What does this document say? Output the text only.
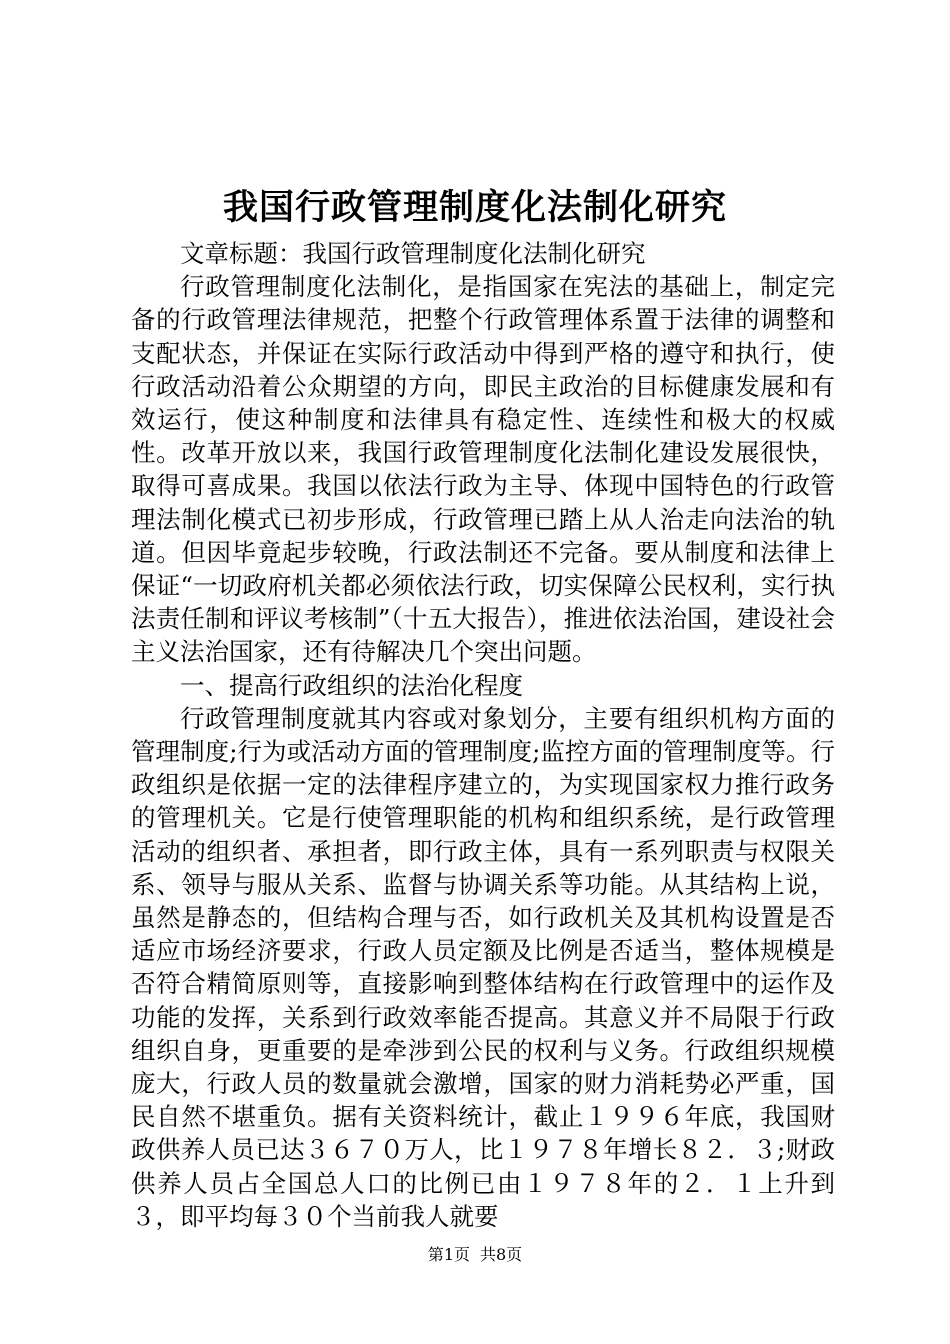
我国行政管理制度化法制化研究

文章标题：我国行政管理制度化法制化研究

行政管理制度化法制化，是指国家在宪法的基础上，制定完备的行政管理法律规范，把整个行政管理体系置于法律的调整和支配状态，并保证在实际行政活动中得到严格的遵守和执行，使行政活动沿着公众期望的方向，即民主政治的目标健康发展和有效运行，使这种制度和法律具有稳定性、连续性和极大的权威性。改革开放以来，我国行政管理制度化法制化建设发展很快，取得可喜成果。我国以依法行政为主导、体现中国特色的行政管理法制化模式已初步形成，行政管理已踏上从人治走向法治的轨道。但因毕竟起步较晚，行政法制还不完备。要从制度和法律上保证“一切政府机关都必须依法行政，切实保障公民权利，实行执法责任制和评议考核制”（十五大报告），推进依法治国，建设社会主义法治国家，还有待解决几个突出问题。

一、提高行政组织的法治化程度

行政管理制度就其内容或对象划分，主要有组织机构方面的管理制度;行为或活动方面的管理制度;监控方面的管理制度等。行政组织是依据一定的法律程序建立的，为实现国家权力推行政务的管理机关。它是行使管理职能的机构和组织系统，是行政管理活动的组织者、承担者，即行政主体，具有一系列职责与权限关系、领导与服从关系、监督与协调关系等功能。从其结构上说，虽然是静态的，但结构合理与否，如行政机关及其机构设置是否适应市场经济要求，行政人员定额及比例是否适当，整体规模是否符合精简原则等，直接影响到整体结构在行政管理中的运作及功能的发挥，关系到行政效率能否提高。其意义并不局限于行政组织自身，更重要的是牵涉到公民的权利与义务。行政组织规模庞大，行政人员的数量就会激增，国家的财力消耗势必严重，国民自然不堪重负。据有关资料统计，截止１９９６年底，我国财政供养人员已达３６７０万人，比１９７８年增长８２．３;财政供养人员占全国总人口的比例已由１９７８年的２．１上升到３，即平均每３０个当前我人就要

第1页 共8页
